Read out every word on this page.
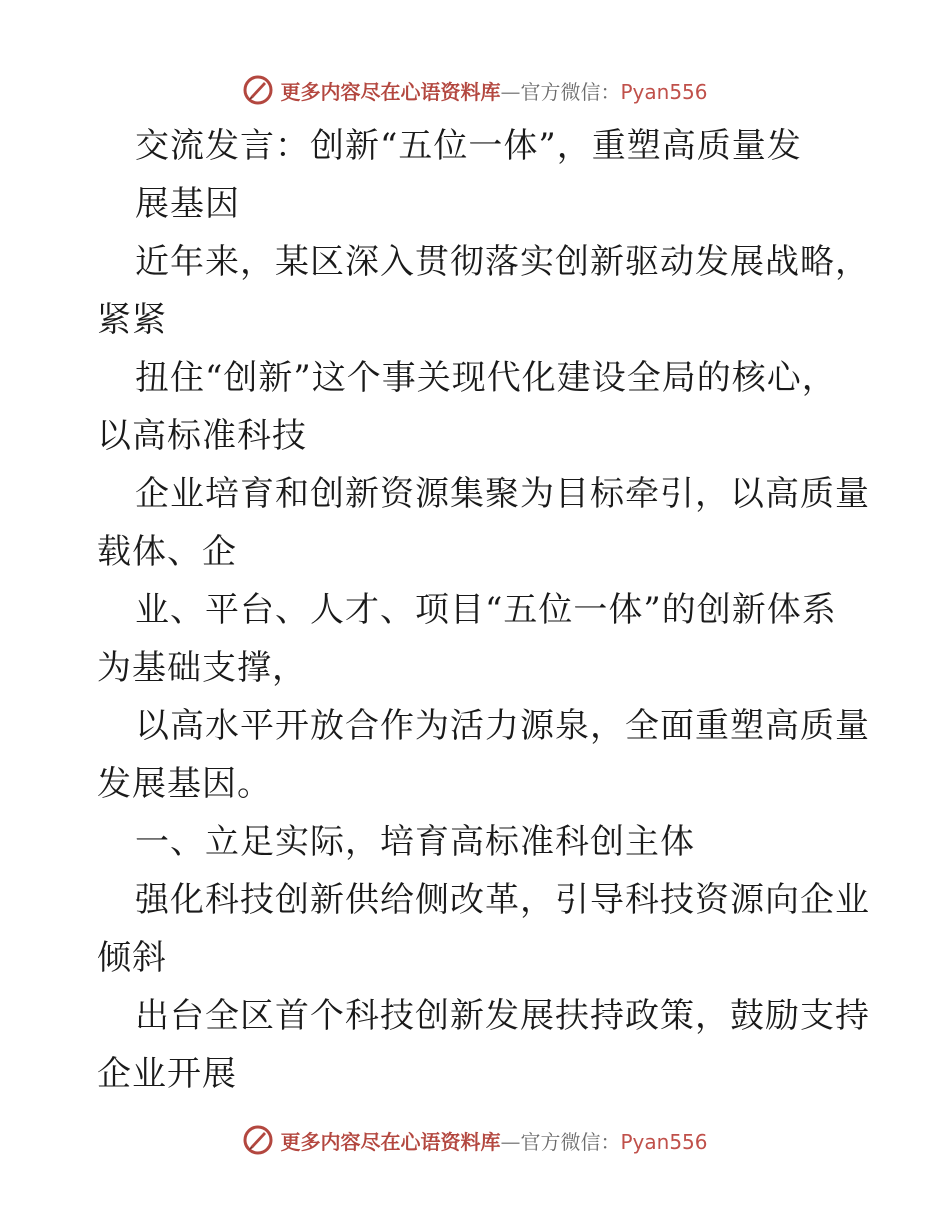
更多内容尽在心语资料库—官方微信：Pyan556
交流发言：创新“五位一体”，重塑高质量发
展基因
近年来，某区深入贯彻落实创新驱动发展战略，
紧紧
扭住“创新”这个事关现代化建设全局的核心，
以高标准科技
企业培育和创新资源集聚为目标牵引，以高质量
载体、企
业、平台、人才、项目“五位一体”的创新体系
为基础支撑，
以高水平开放合作为活力源泉，全面重塑高质量
发展基因。
一、立足实际，培育高标准科创主体
强化科技创新供给侧改革，引导科技资源向企业
倾斜
出台全区首个科技创新发展扶持政策，鼓励支持
企业开展
更多内容尽在心语资料库—官方微信：Pyan556
